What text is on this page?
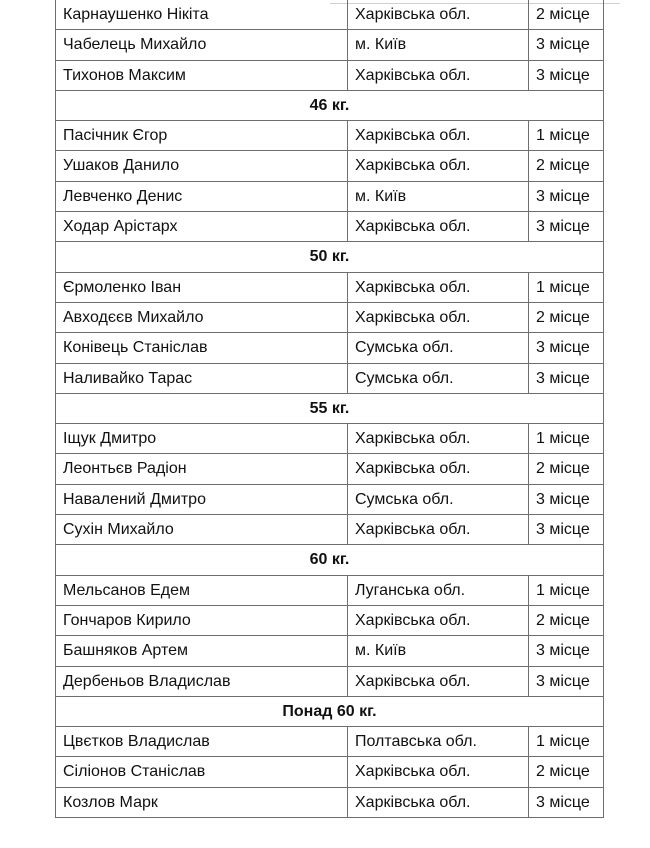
Карнаушенко Нікіта	Харківська обл.	2 місце
Чабелець Михайло	м. Київ	3 місце
Тихонов Максим	Харківська обл.	3 місце
46 кг.		
Пасічник Єгор	Харківська обл.	1 місце
Ушаков Данило	Харківська обл.	2 місце
Левченко Денис	м. Київ	3 місце
Ходар Арістарх	Харківська обл.	3 місце
50 кг.		
Єрмоленко Іван	Харківська обл.	1 місце
Авходєєв Михайло	Харківська обл.	2 місце
Конівець Станіслав	Сумська обл.	3 місце
Наливайко Тарас	Сумська обл.	3 місце
55 кг.		
Іщук Дмитро	Харківська обл.	1 місце
Леонтьєв Радіон	Харківська обл.	2 місце
Навалений Дмитро	Сумська обл.	3 місце
Сухін Михайло	Харківська обл.	3 місце
60 кг.		
Мельсанов Едем	Луганська обл.	1 місце
Гончаров Кирило	Харківська обл.	2 місце
Башняков Артем	м. Київ	3 місце
Дербеньов Владислав	Харківська обл.	3 місце
Понад 60 кг.		
Цвєтков Владислав	Полтавська обл.	1 місце
Сіліонов Станіслав	Харківська обл.	2 місце
Козлов Марк	Харківська обл.	3 місце
